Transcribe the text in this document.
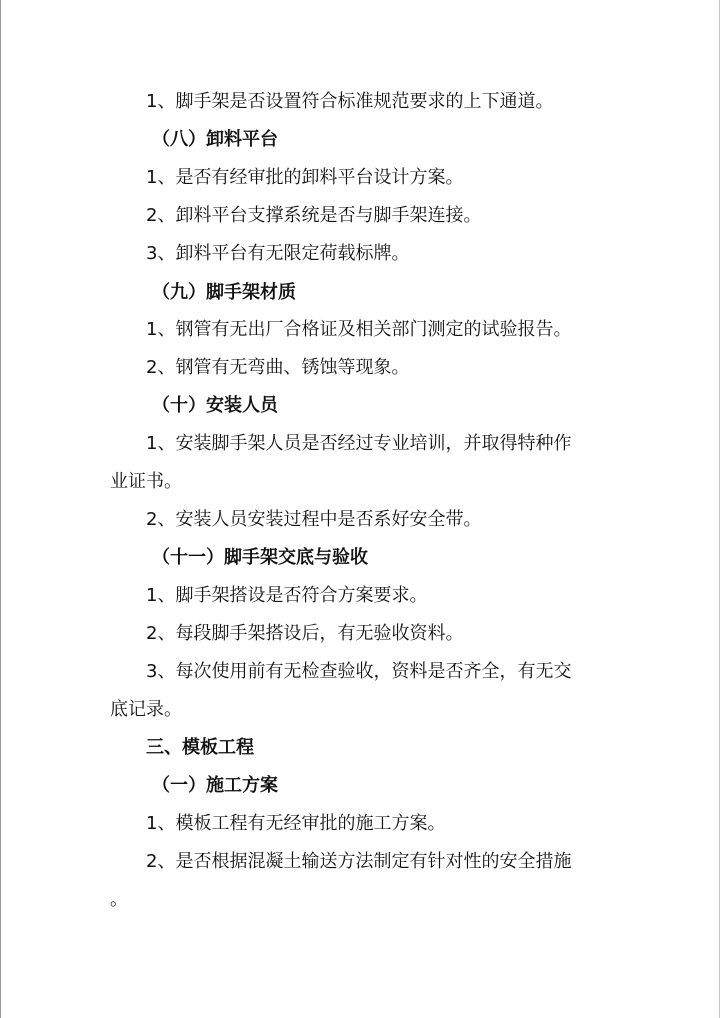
1、脚手架是否设置符合标准规范要求的上下通道。
（八）卸料平台
1、是否有经审批的卸料平台设计方案。
2、卸料平台支撑系统是否与脚手架连接。
3、卸料平台有无限定荷载标牌。
（九）脚手架材质
1、钢管有无出厂合格证及相关部门测定的试验报告。
2、钢管有无弯曲、锈蚀等现象。
（十）安装人员
1、安装脚手架人员是否经过专业培训，并取得特种作
业证书。
2、安装人员安装过程中是否系好安全带。
（十一）脚手架交底与验收
1、脚手架搭设是否符合方案要求。
2、每段脚手架搭设后，有无验收资料。
3、每次使用前有无检查验收，资料是否齐全，有无交
底记录。
三、模板工程
（一）施工方案
1、模板工程有无经审批的施工方案。
2、是否根据混凝土输送方法制定有针对性的安全措施
。
